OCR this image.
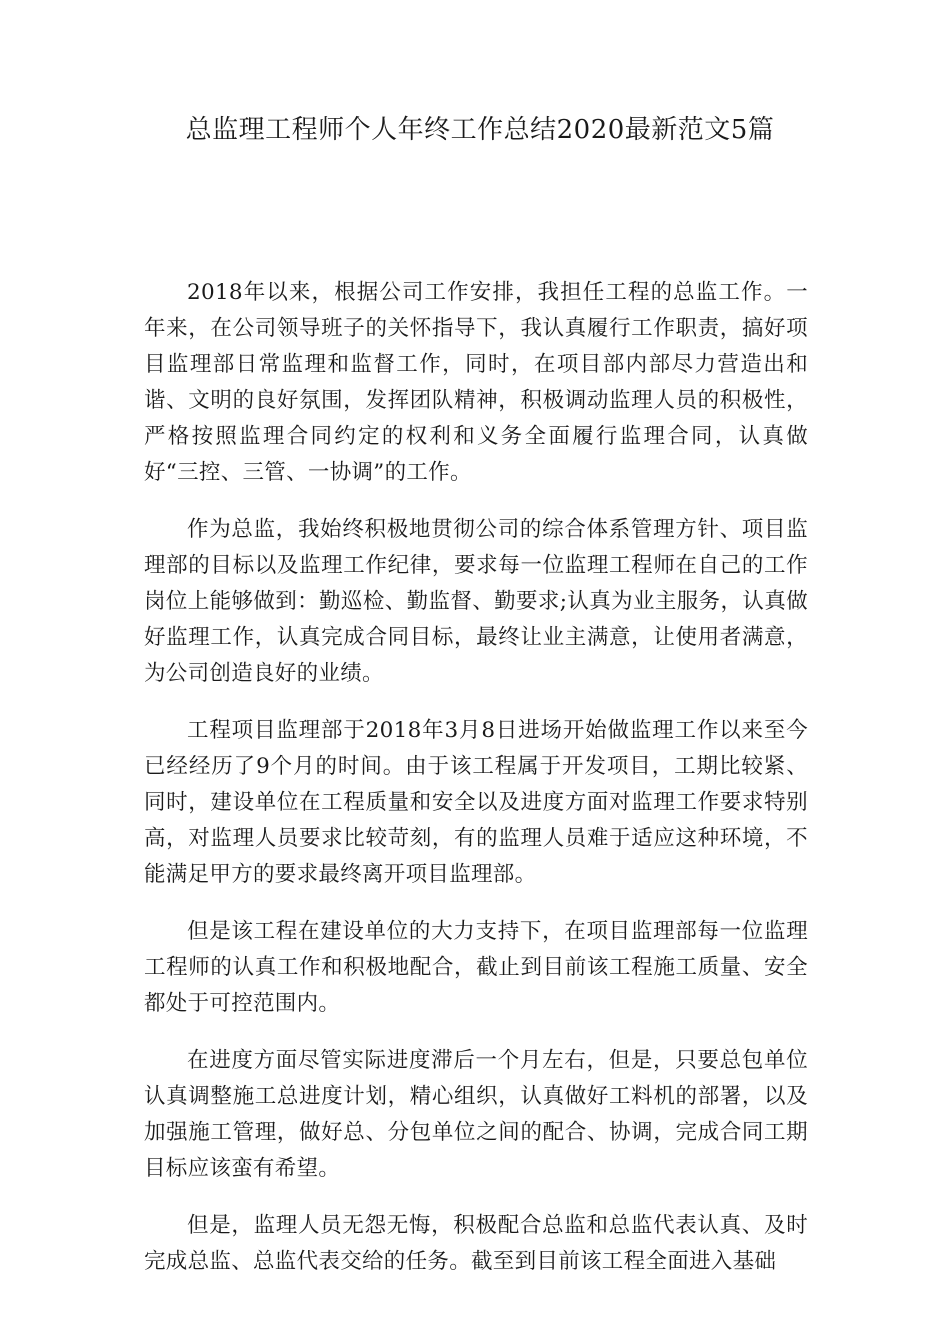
总监理工程师个人年终工作总结2020最新范文5篇

2018年以来，根据公司工作安排，我担任工程的总监工作。一年来，在公司领导班子的关怀指导下，我认真履行工作职责，搞好项目监理部日常监理和监督工作，同时，在项目部内部尽力营造出和谐、文明的良好氛围，发挥团队精神，积极调动监理人员的积极性，严格按照监理合同约定的权利和义务全面履行监理合同，认真做好“三控、三管、一协调”的工作。

作为总监，我始终积极地贯彻公司的综合体系管理方针、项目监理部的目标以及监理工作纪律，要求每一位监理工程师在自己的工作岗位上能够做到：勤巡检、勤监督、勤要求;认真为业主服务，认真做好监理工作，认真完成合同目标，最终让业主满意，让使用者满意，为公司创造良好的业绩。

工程项目监理部于2018年3月8日进场开始做监理工作以来至今已经经历了9个月的时间。由于该工程属于开发项目，工期比较紧、同时，建设单位在工程质量和安全以及进度方面对监理工作要求特别高，对监理人员要求比较苛刻，有的监理人员难于适应这种环境，不能满足甲方的要求最终离开项目监理部。

但是该工程在建设单位的大力支持下，在项目监理部每一位监理工程师的认真工作和积极地配合，截止到目前该工程施工质量、安全都处于可控范围内。

在进度方面尽管实际进度滞后一个月左右，但是，只要总包单位认真调整施工总进度计划，精心组织，认真做好工料机的部署，以及加强施工管理，做好总、分包单位之间的配合、协调，完成合同工期目标应该蛮有希望。

但是，监理人员无怨无悔，积极配合总监和总监代表认真、及时完成总监、总监代表交给的任务。截至到目前该工程全面进入基础
